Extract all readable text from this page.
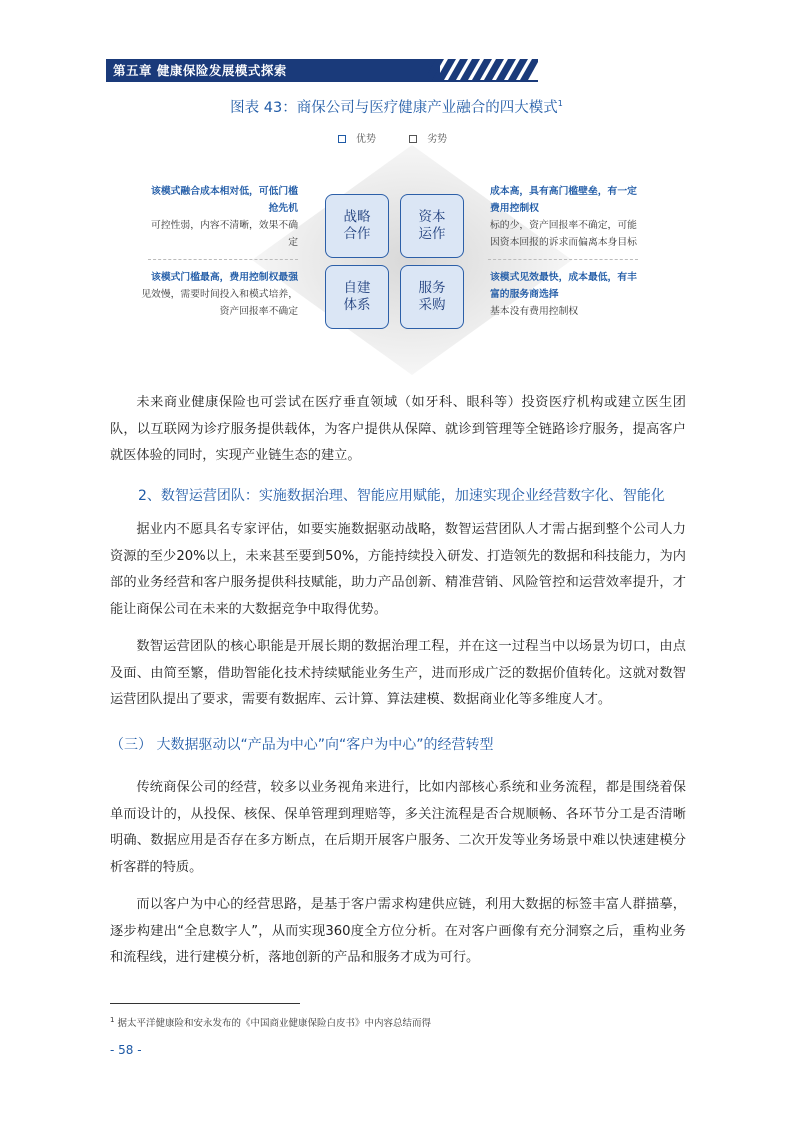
第五章 健康保险发展模式探索
图表 43：商保公司与医疗健康产业融合的四大模式$^1$
优势	劣势
战略合作
资本运作
自建体系
服务采购
该模式融合成本相对低，可低门槛
抢先机
可控性弱，内容不清晰，效果不确
定
成本高，具有高门槛壁垒，有一定
费用控制权
标的少，资产回报率不确定，可能
因资本回报的诉求而偏离本身目标
该模式门槛最高，费用控制权最强
见效慢，需要时间投入和模式培养，
资产回报率不确定
该模式见效最快，成本最低，有丰
富的服务商选择
基本没有费用控制权

未来商业健康保险也可尝试在医疗垂直领域（如牙科、眼科等）投资医疗机构或建立医生团队，以互联网为诊疗服务提供载体，为客户提供从保障、就诊到管理等全链路诊疗服务，提高客户就医体验的同时，实现产业链生态的建立。

2、数智运营团队：实施数据治理、智能应用赋能，加速实现企业经营数字化、智能化

据业内不愿具名专家评估，如要实施数据驱动战略，数智运营团队人才需占据到整个公司人力资源的至少20%以上，未来甚至要到50%，方能持续投入研发、打造领先的数据和科技能力，为内部的业务经营和客户服务提供科技赋能，助力产品创新、精准营销、风险管控和运营效率提升，才能让商保公司在未来的大数据竞争中取得优势。

数智运营团队的核心职能是开展长期的数据治理工程，并在这一过程当中以场景为切口，由点及面、由简至繁，借助智能化技术持续赋能业务生产，进而形成广泛的数据价值转化。这就对数智运营团队提出了要求，需要有数据库、云计算、算法建模、数据商业化等多维度人才。

（三） 大数据驱动以“产品为中心”向“客户为中心”的经营转型

传统商保公司的经营，较多以业务视角来进行，比如内部核心系统和业务流程，都是围绕着保单而设计的，从投保、核保、保单管理到理赔等，多关注流程是否合规顺畅、各环节分工是否清晰明确、数据应用是否存在多方断点，在后期开展客户服务、二次开发等业务场景中难以快速建模分析客群的特质。

而以客户为中心的经营思路，是基于客户需求构建供应链，利用大数据的标签丰富人群描摹，逐步构建出“全息数字人”，从而实现360度全方位分析。在对客户画像有充分洞察之后，重构业务和流程线，进行建模分析，落地创新的产品和服务才成为可行。

$^1$ 据太平洋健康险和安永发布的《中国商业健康保险白皮书》中内容总结而得
- 58 -
